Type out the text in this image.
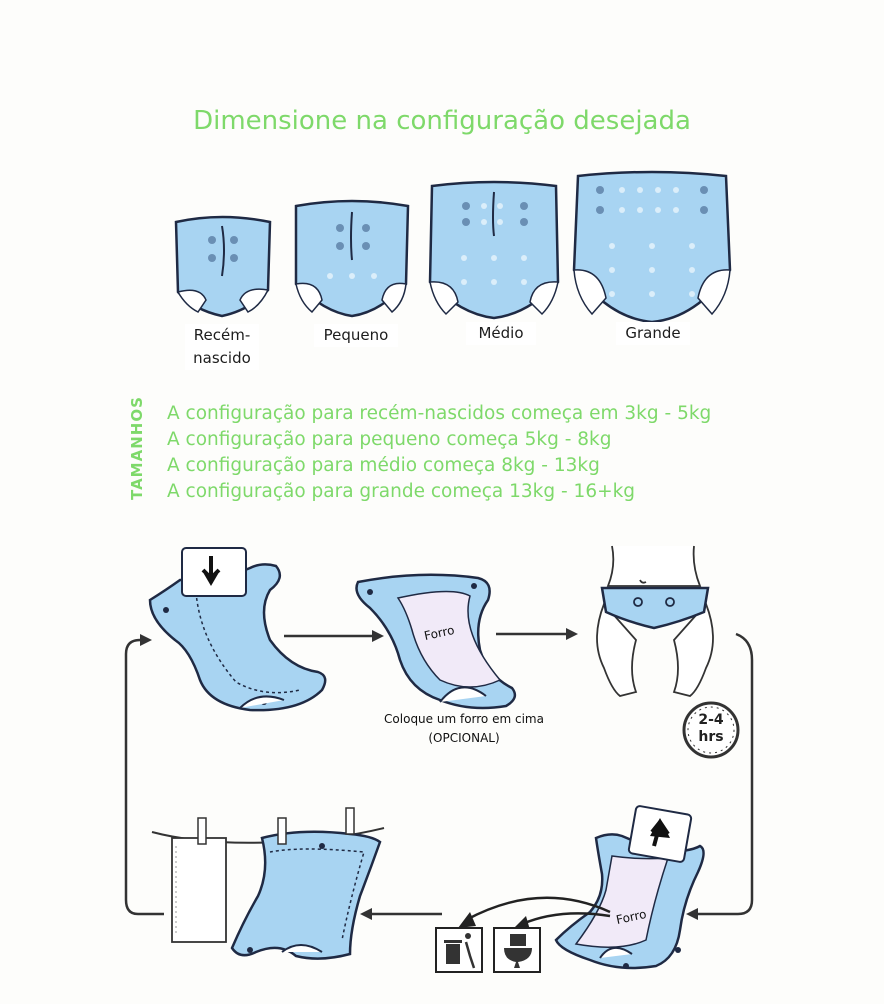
Dimensione na configuração desejada
Recém-
nascido
Pequeno	Médio	Grande
TAMANHOS A configuração para recém-nascidos começa em 3kg - 5kg
A configuração para pequeno começa 5kg - 8kg
A configuração para médio começa 8kg - 13kg
A configuração para grande começa 13kg - 16+kg
Forro
Forro
Coloque um forro em cima
(OPCIONAL)
2-4
hrs
